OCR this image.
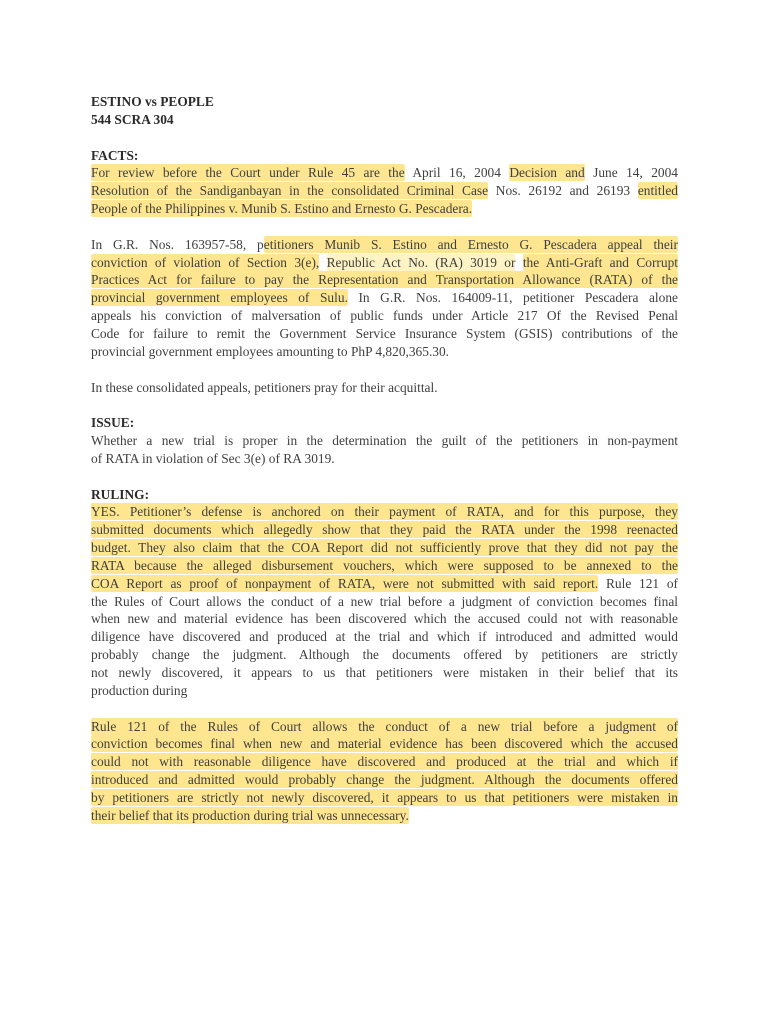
ESTINO vs PEOPLE
544 SCRA 304
FACTS:
For review before the Court under Rule 45 are the April 16, 2004 Decision and June 14, 2004
Resolution of the Sandiganbayan in the consolidated Criminal Case Nos. 26192 and 26193 entitled
People of the Philippines v. Munib S. Estino and Ernesto G. Pescadera.
In G.R. Nos. 163957-58, petitioners Munib S. Estino and Ernesto G. Pescadera appeal their
conviction of violation of Section 3(e), Republic Act No. (RA) 3019 or the Anti-Graft and Corrupt
Practices Act for failure to pay the Representation and Transportation Allowance (RATA) of the
provincial government employees of Sulu. In G.R. Nos. 164009-11, petitioner Pescadera alone
appeals his conviction of malversation of public funds under Article 217 Of the Revised Penal
Code for failure to remit the Government Service Insurance System (GSIS) contributions of the
provincial government employees amounting to PhP 4,820,365.30.
In these consolidated appeals, petitioners pray for their acquittal.
ISSUE:
Whether a new trial is proper in the determination the guilt of the petitioners in non-payment
of RATA in violation of Sec 3(e) of RA 3019.
RULING:
YES. Petitioner’s defense is anchored on their payment of RATA, and for this purpose, they
submitted documents which allegedly show that they paid the RATA under the 1998 reenacted
budget. They also claim that the COA Report did not sufficiently prove that they did not pay the
RATA because the alleged disbursement vouchers, which were supposed to be annexed to the
COA Report as proof of nonpayment of RATA, were not submitted with said report. Rule 121 of
the Rules of Court allows the conduct of a new trial before a judgment of conviction becomes final
when new and material evidence has been discovered which the accused could not with reasonable
diligence have discovered and produced at the trial and which if introduced and admitted would
probably change the judgment. Although the documents offered by petitioners are strictly
not newly discovered, it appears to us that petitioners were mistaken in their belief that its
production during
Rule 121 of the Rules of Court allows the conduct of a new trial before a judgment of
conviction becomes final when new and material evidence has been discovered which the accused
could not with reasonable diligence have discovered and produced at the trial and which if
introduced and admitted would probably change the judgment. Although the documents offered
by petitioners are strictly not newly discovered, it appears to us that petitioners were mistaken in
their belief that its production during trial was unnecessary.
